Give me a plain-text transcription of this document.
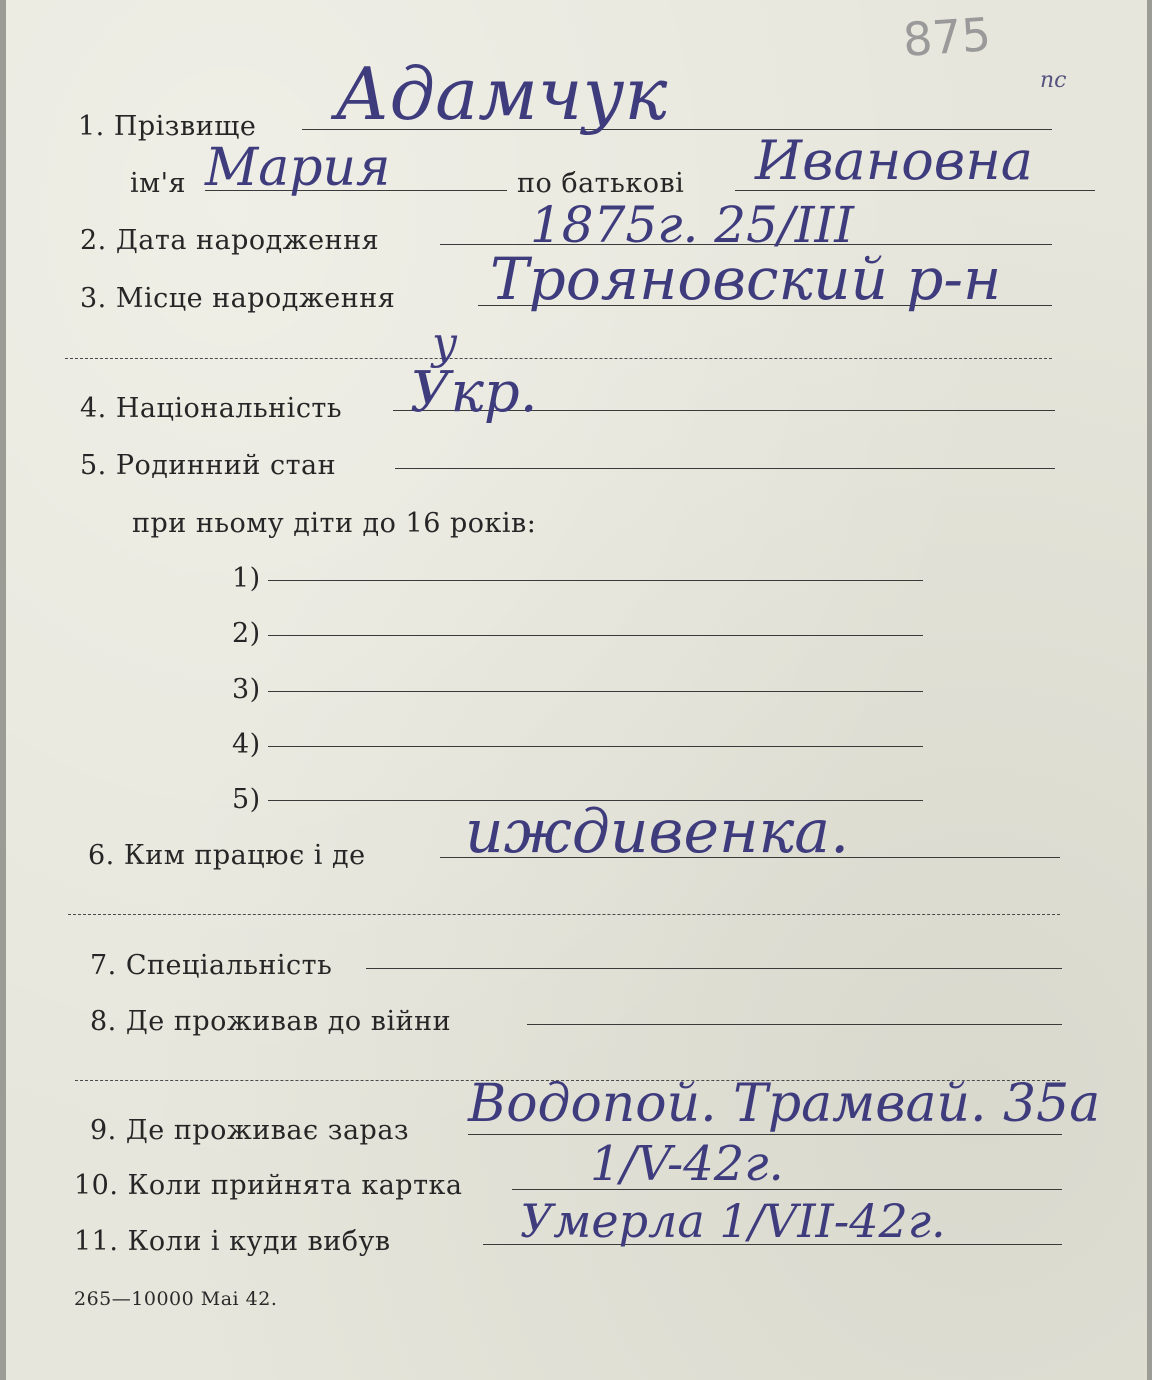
875
nc
1. Прізвище Адамчук
ім'я Мария	по батькові Ивановна
2. Дата народження	1875г. 25/III
3. Місце народження Трояновский р-н
у
4. Національність Укр.
5. Родинний стан
при ньому діти до 16 років:
1)
2)
3)
4)
5)
6. Ким працює і де иждивенка.
7. Спеціальність
8. Де проживав до війни
9. Де проживає зараз Водопой. Трамвай. 35а
10. Коли прийнята картка	1/V-42г.
11. Коли і куди вибув	Умерла 1/VII-42г.
265—10000 Mai 42.
